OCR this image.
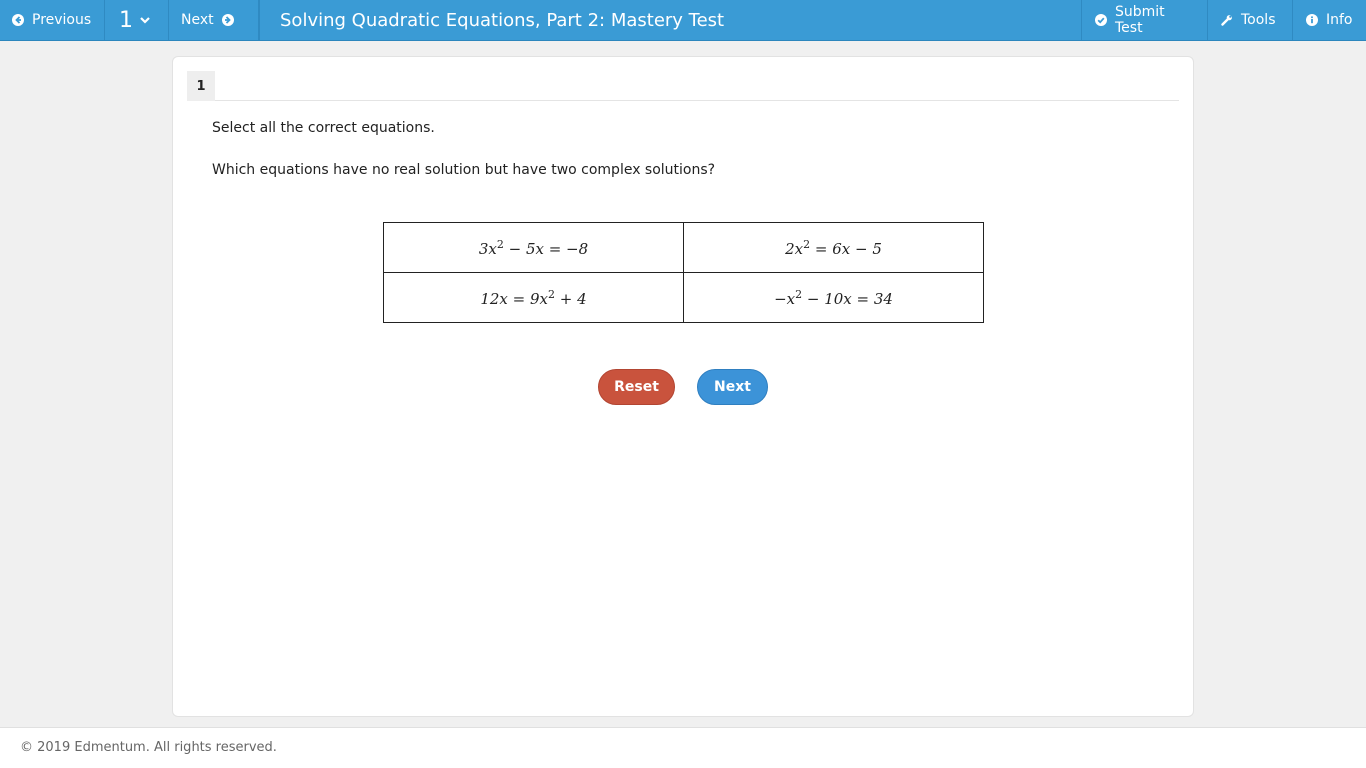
Previous 1	Next	Solving Quadratic Equations, Part 2: Mastery Test	Submit Test	Tools	Info
1
Select all the correct equations.
Which equations have no real solution but have two complex solutions?
$3x^2 - 5x = -8$	$2x^2 = 6x - 5$
$12x = 9x^2 + 4$	$-x^2 - 10x = 34$
Reset	Next
© 2019 Edmentum. All rights reserved.
